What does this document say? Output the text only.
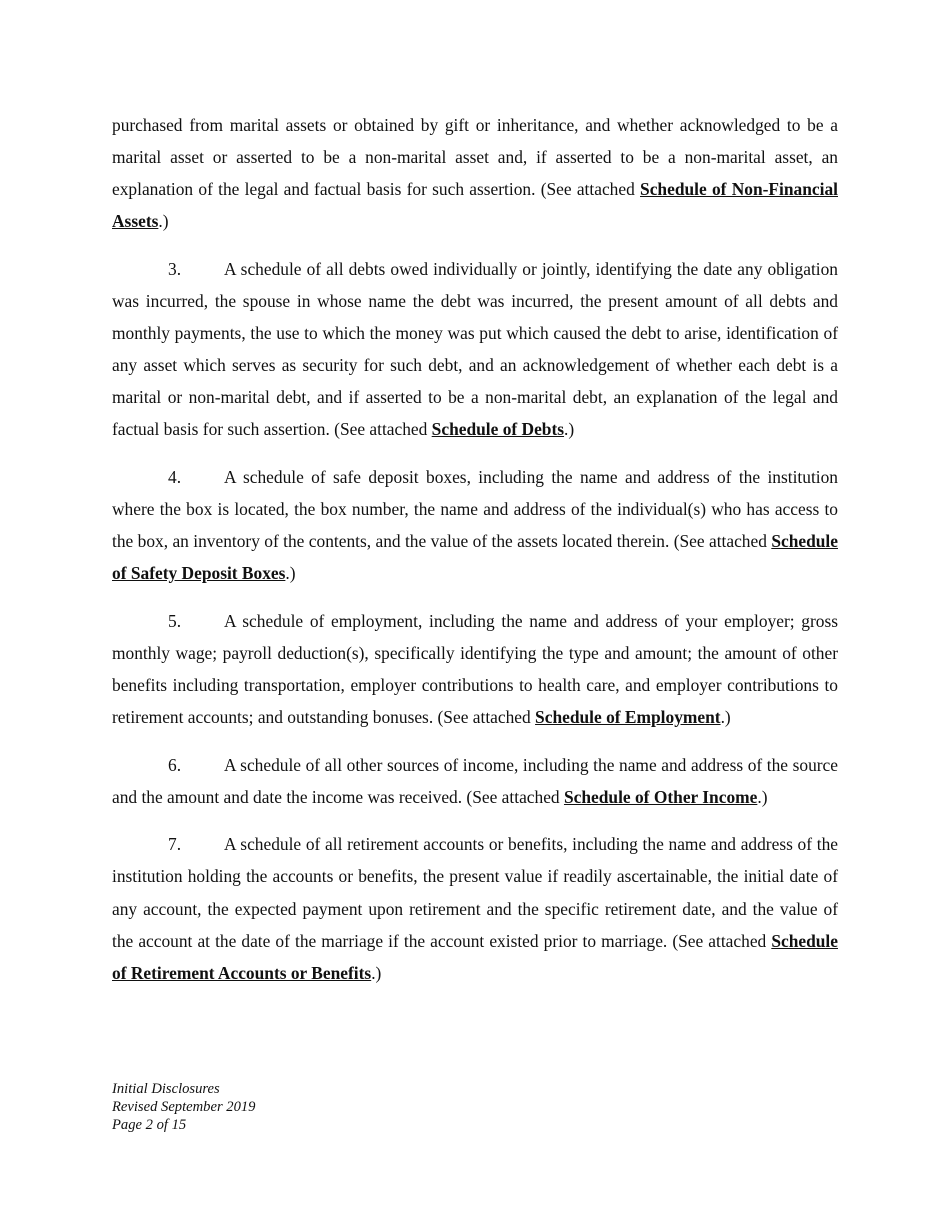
purchased from marital assets or obtained by gift or inheritance, and whether acknowledged to be a marital asset or asserted to be a non-marital asset and, if asserted to be a non-marital asset, an explanation of the legal and factual basis for such assertion. (See attached Schedule of Non-Financial Assets.)

3. A schedule of all debts owed individually or jointly, identifying the date any obligation was incurred, the spouse in whose name the debt was incurred, the present amount of all debts and monthly payments, the use to which the money was put which caused the debt to arise, identification of any asset which serves as security for such debt, and an acknowledgement of whether each debt is a marital or non-marital debt, and if asserted to be a non-marital debt, an explanation of the legal and factual basis for such assertion. (See attached Schedule of Debts.)

4. A schedule of safe deposit boxes, including the name and address of the institution where the box is located, the box number, the name and address of the individual(s) who has access to the box, an inventory of the contents, and the value of the assets located therein. (See attached Schedule of Safety Deposit Boxes.)

5. A schedule of employment, including the name and address of your employer; gross monthly wage; payroll deduction(s), specifically identifying the type and amount; the amount of other benefits including transportation, employer contributions to health care, and employer contributions to retirement accounts; and outstanding bonuses. (See attached Schedule of Employment.)

6. A schedule of all other sources of income, including the name and address of the source and the amount and date the income was received. (See attached Schedule of Other Income.)

7. A schedule of all retirement accounts or benefits, including the name and address of the institution holding the accounts or benefits, the present value if readily ascertainable, the initial date of any account, the expected payment upon retirement and the specific retirement date, and the value of the account at the date of the marriage if the account existed prior to marriage. (See attached Schedule of Retirement Accounts or Benefits.)

Initial Disclosures
Revised September 2019
Page 2 of 15
